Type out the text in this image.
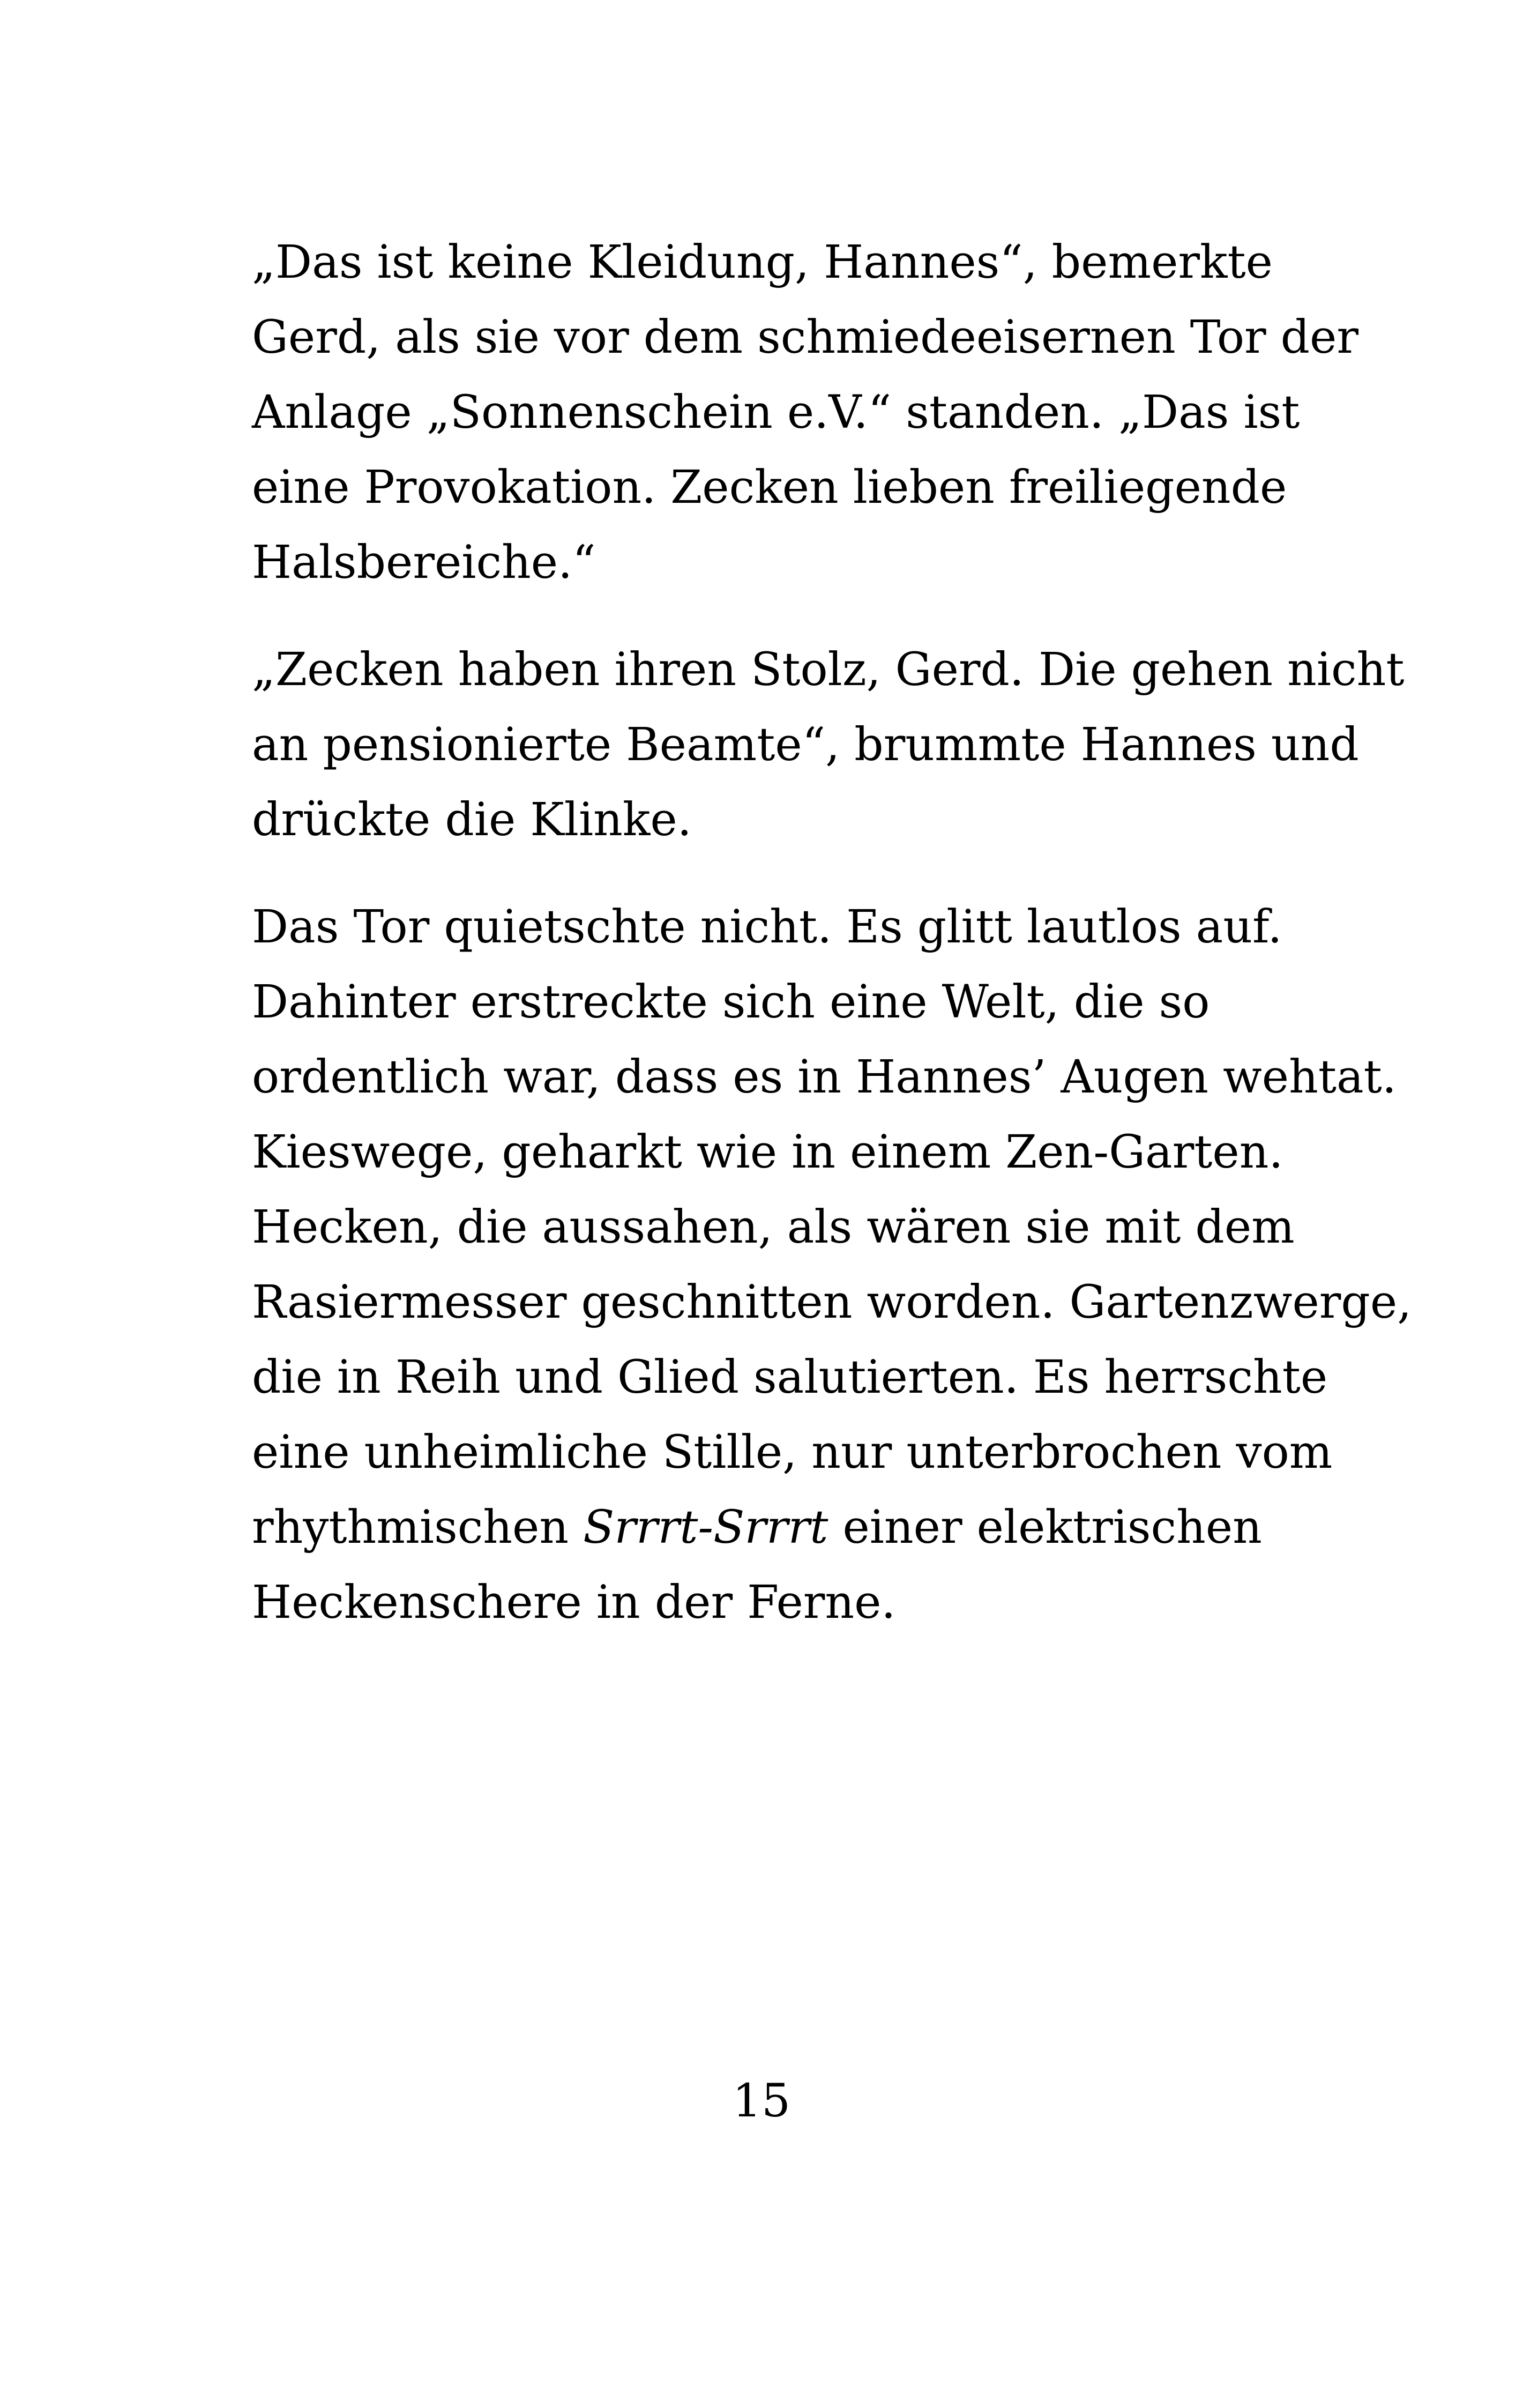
„Das ist keine Kleidung, Hannes“, bemerkte
Gerd, als sie vor dem schmiedeeisernen Tor der
Anlage „Sonnenschein e.V.“ standen. „Das ist
eine Provokation. Zecken lieben freiliegende
Halsbereiche.“
„Zecken haben ihren Stolz, Gerd. Die gehen nicht
an pensionierte Beamte“, brummte Hannes und
drückte die Klinke.
Das Tor quietschte nicht. Es glitt lautlos auf.
Dahinter erstreckte sich eine Welt, die so
ordentlich war, dass es in Hannes’ Augen wehtat.
Kieswege, geharkt wie in einem Zen-Garten.
Hecken, die aussahen, als wären sie mit dem
Rasiermesser geschnitten worden. Gartenzwerge,
die in Reih und Glied salutierten. Es herrschte
eine unheimliche Stille, nur unterbrochen vom
rhythmischen Srrrt-Srrrt einer elektrischen
Heckenschere in der Ferne.
15
